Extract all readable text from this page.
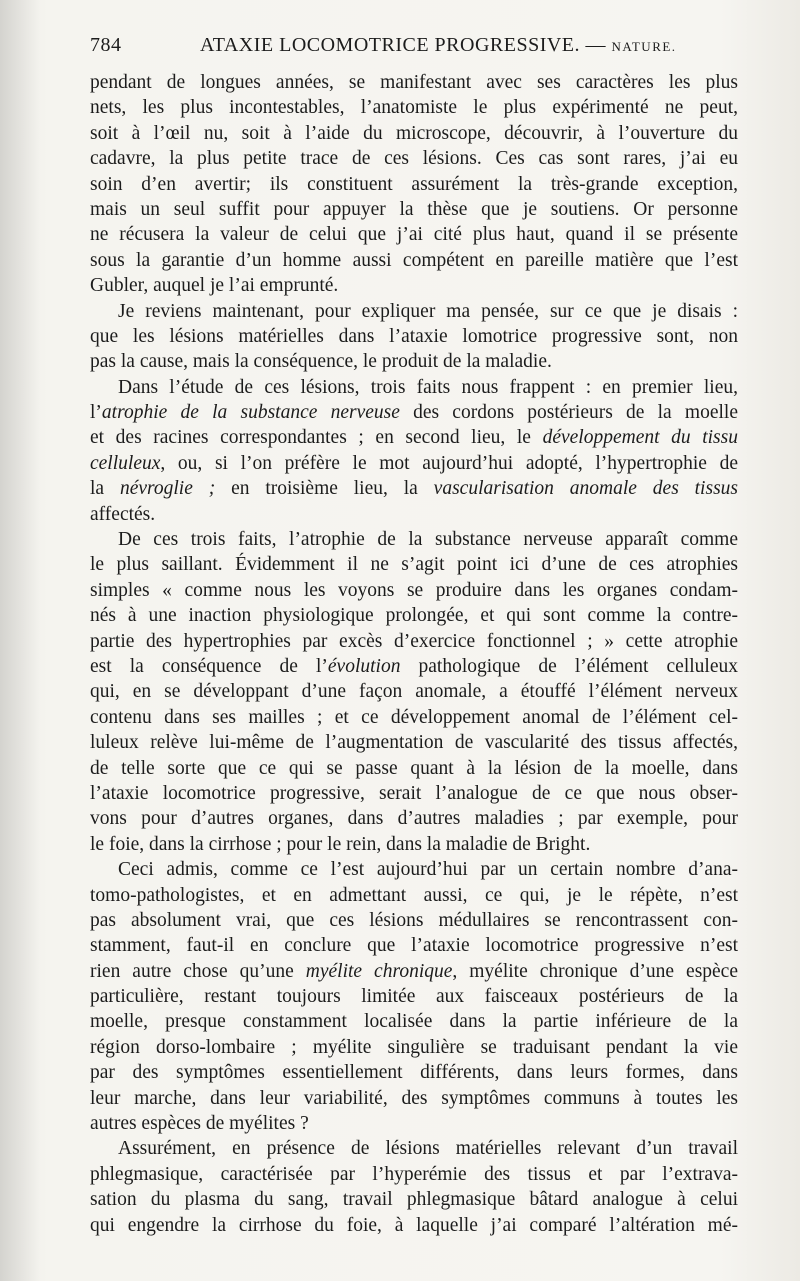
784	ATAXIE LOCOMOTRICE PROGRESSIVE. — NATURE.
pendant de longues années, se manifestant avec ses caractères les plus
nets, les plus incontestables, l’anatomiste le plus expérimenté ne peut,
soit à l’œil nu, soit à l’aide du microscope, découvrir, à l’ouverture du
cadavre, la plus petite trace de ces lésions. Ces cas sont rares, j’ai eu
soin d’en avertir; ils constituent assurément la très-grande exception,
mais un seul suffit pour appuyer la thèse que je soutiens. Or personne
ne récusera la valeur de celui que j’ai cité plus haut, quand il se présente
sous la garantie d’un homme aussi compétent en pareille matière que l’est
Gubler, auquel je l’ai emprunté.
Je reviens maintenant, pour expliquer ma pensée, sur ce que je disais :
que les lésions matérielles dans l’ataxie lomotrice progressive sont, non
pas la cause, mais la conséquence, le produit de la maladie.
Dans l’étude de ces lésions, trois faits nous frappent : en premier lieu,
l’atrophie de la substance nerveuse des cordons postérieurs de la moelle
et des racines correspondantes ; en second lieu, le développement du tissu
celluleux, ou, si l’on préfère le mot aujourd’hui adopté, l’hypertrophie de
la névroglie ; en troisième lieu, la vascularisation anomale des tissus
affectés.
De ces trois faits, l’atrophie de la substance nerveuse apparaît comme
le plus saillant. Évidemment il ne s’agit point ici d’une de ces atrophies
simples « comme nous les voyons se produire dans les organes condam-
nés à une inaction physiologique prolongée, et qui sont comme la contre-
partie des hypertrophies par excès d’exercice fonctionnel ; » cette atrophie
est la conséquence de l’évolution pathologique de l’élément celluleux
qui, en se développant d’une façon anomale, a étouffé l’élément nerveux
contenu dans ses mailles ; et ce développement anomal de l’élément cel-
luleux relève lui-même de l’augmentation de vascularité des tissus affectés,
de telle sorte que ce qui se passe quant à la lésion de la moelle, dans
l’ataxie locomotrice progressive, serait l’analogue de ce que nous obser-
vons pour d’autres organes, dans d’autres maladies ; par exemple, pour
le foie, dans la cirrhose ; pour le rein, dans la maladie de Bright.
Ceci admis, comme ce l’est aujourd’hui par un certain nombre d’ana-
tomo-pathologistes, et en admettant aussi, ce qui, je le répète, n’est
pas absolument vrai, que ces lésions médullaires se rencontrassent con-
stamment, faut-il en conclure que l’ataxie locomotrice progressive n’est
rien autre chose qu’une myélite chronique, myélite chronique d’une espèce
particulière, restant toujours limitée aux faisceaux postérieurs de la
moelle, presque constamment localisée dans la partie inférieure de la
région dorso-lombaire ; myélite singulière se traduisant pendant la vie
par des symptômes essentiellement différents, dans leurs formes, dans
leur marche, dans leur variabilité, des symptômes communs à toutes les
autres espèces de myélites ?
Assurément, en présence de lésions matérielles relevant d’un travail
phlegmasique, caractérisée par l’hyperémie des tissus et par l’extrava-
sation du plasma du sang, travail phlegmasique bâtard analogue à celui
qui engendre la cirrhose du foie, à laquelle j’ai comparé l’altération mé-
